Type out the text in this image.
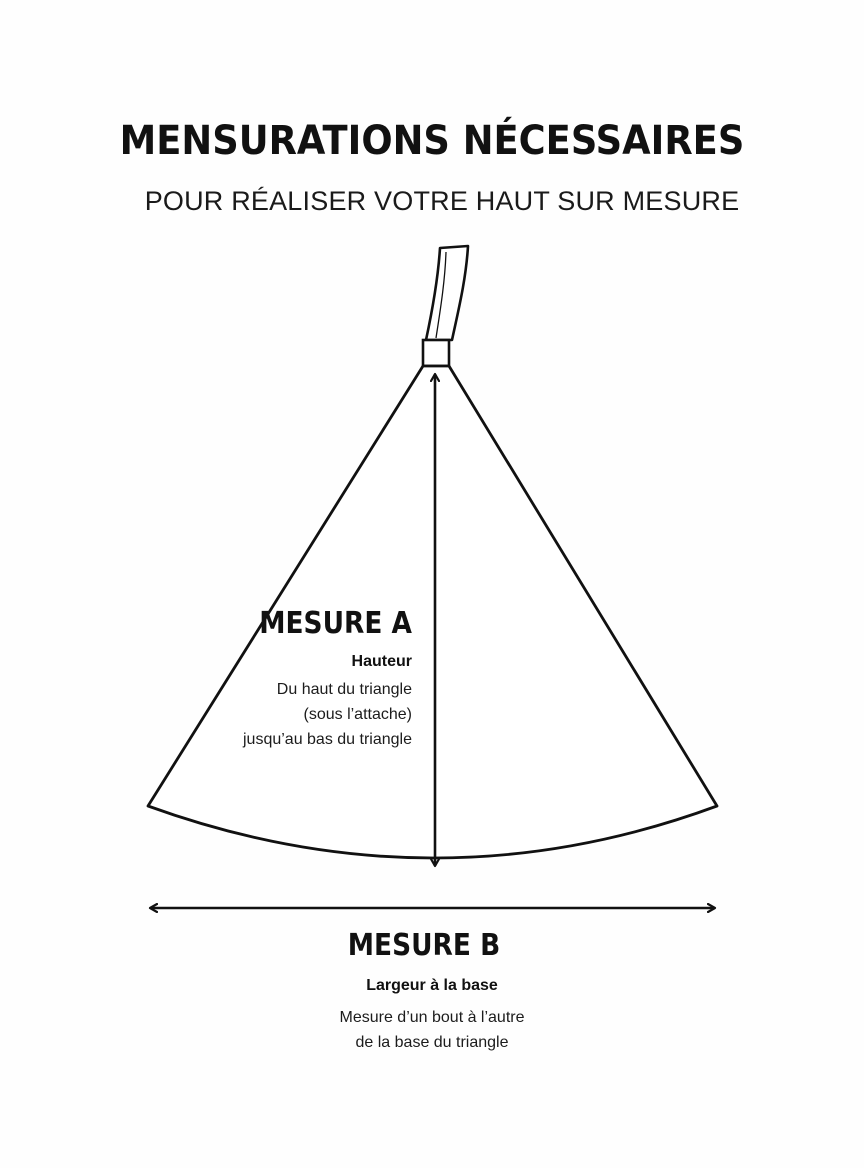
MENSURATIONS NÉCESSAIRES
POUR RÉALISER VOTRE HAUT SUR MESURE
MESURE A
Hauteur
Du haut du triangle
(sous l’attache)
jusqu’au bas du triangle
MESURE B
Largeur à la base
Mesure d’un bout à l’autre
de la base du triangle
